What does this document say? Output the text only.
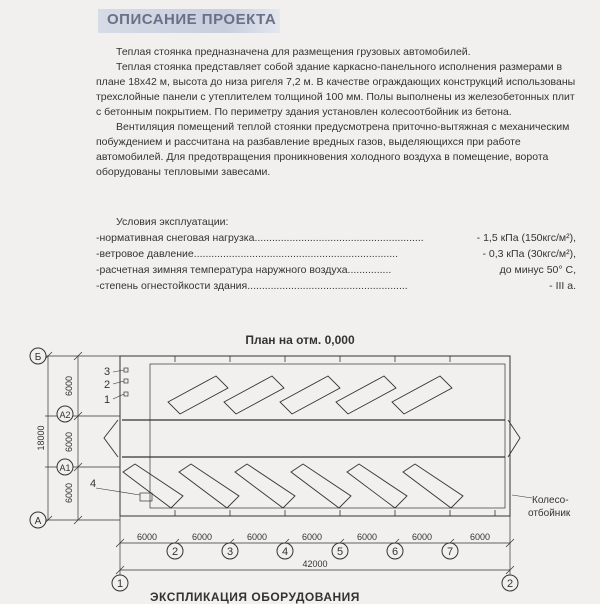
ОПИСАНИЕ ПРОЕКТА

Теплая стоянка предназначена для размещения грузовых автомобилей.

Теплая стоянка представляет собой здание каркасно-панельного исполнения размерами в плане 18х42 м, высота до низа ригеля 7,2 м. В качестве ограждающих конструкций использованы трехслойные панели с утеплителем толщиной 100 мм. Полы выполнены из железобетонных плит с бетонным покрытием. По периметру здания установлен колесоотбойник из бетона.

Вентиляция помещений теплой стоянки предусмотрена приточно-вытяжная с механическим побуждением и рассчитана на разбавление вредных газов, выделяющихся при работе автомобилей. Для предотвращения проникновения холодного воздуха в помещение, ворота оборудованы тепловыми завесами.

Условия эксплуатации:
-нормативная снеговая нагрузка ..........................................................	- 1,5 кПа (150кгс/м²),
-ветровое давление ......................................................................	- 0,3 кПа (30кгс/м²),
-расчетная зимняя температура наружного воздуха ...............	до минус 50° С,
-степень огнестойкости здания .......................................................	- III а.
План на отм. 0,000
Б
А2
А1
А
6000
6000
6000
18000
6000	6000	6000	6000	6000	6000	6000
42000
1
2	3	4	5	6	7
2
3
2
1
4
Колесо-
отбойник
ЭКСПЛИКАЦИЯ ОБОРУДОВАНИЯ
